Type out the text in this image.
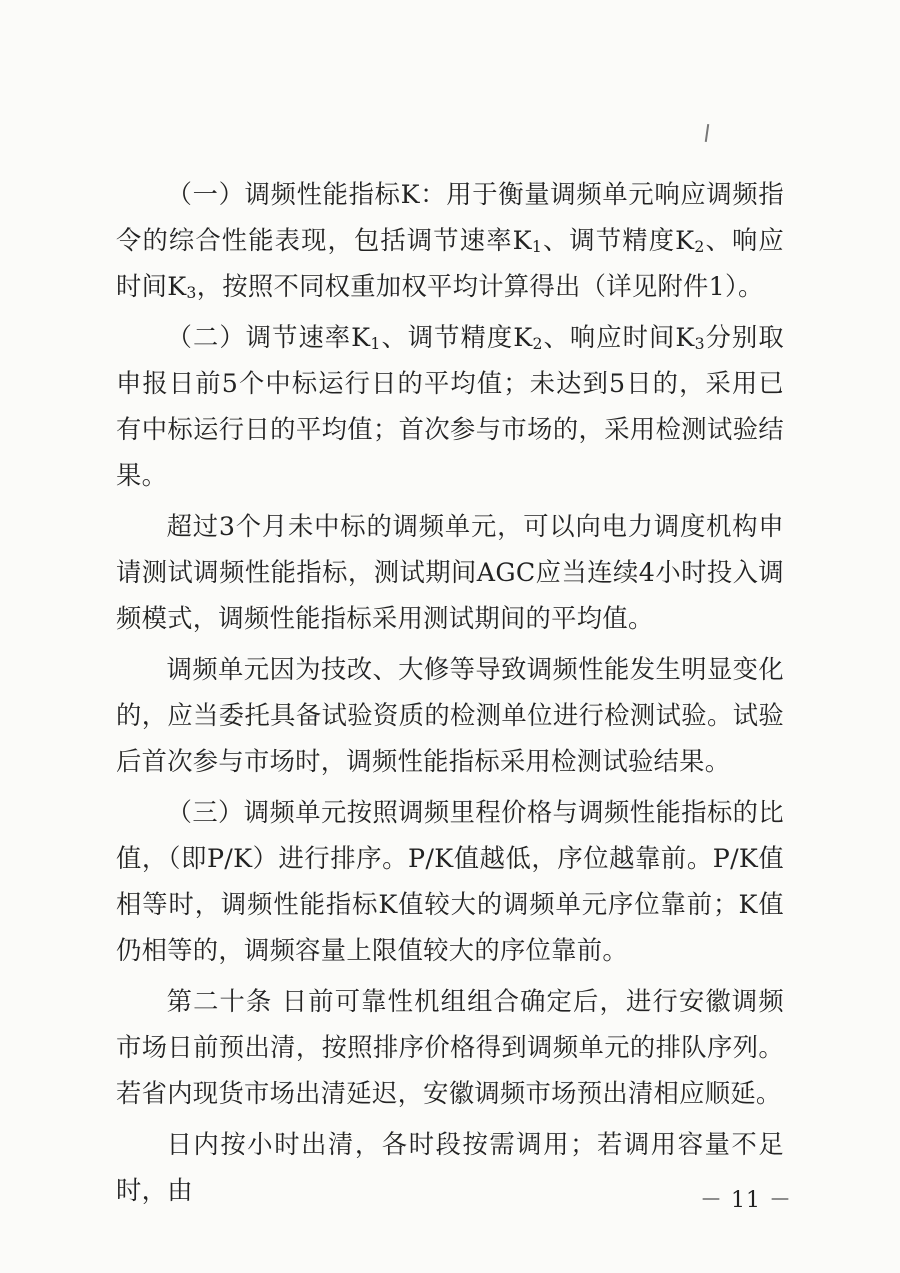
（一）调频性能指标K：用于衡量调频单元响应调频指令的综合性能表现，包括调节速率$K_1$、调节精度$K_2$、响应时间$K_3$，按照不同权重加权平均计算得出（详见附件1）。

（二）调节速率$K_1$、调节精度$K_2$、响应时间$K_3$分别取申报日前5个中标运行日的平均值；未达到5日的，采用已有中标运行日的平均值；首次参与市场的，采用检测试验结果。

超过3个月未中标的调频单元，可以向电力调度机构申请测试调频性能指标，测试期间AGC应当连续4小时投入调频模式，调频性能指标采用测试期间的平均值。

调频单元因为技改、大修等导致调频性能发生明显变化的，应当委托具备试验资质的检测单位进行检测试验。试验后首次参与市场时，调频性能指标采用检测试验结果。

（三）调频单元按照调频里程价格与调频性能指标的比值，（即P/K）进行排序。P/K值越低，序位越靠前。P/K值相等时，调频性能指标K值较大的调频单元序位靠前；K值仍相等的，调频容量上限值较大的序位靠前。

第二十条 日前可靠性机组组合确定后，进行安徽调频市场日前预出清，按照排序价格得到调频单元的排队序列。若省内现货市场出清延迟，安徽调频市场预出清相应顺延。

日内按小时出清，各时段按需调用；若调用容量不足时，由	－ 11 －
